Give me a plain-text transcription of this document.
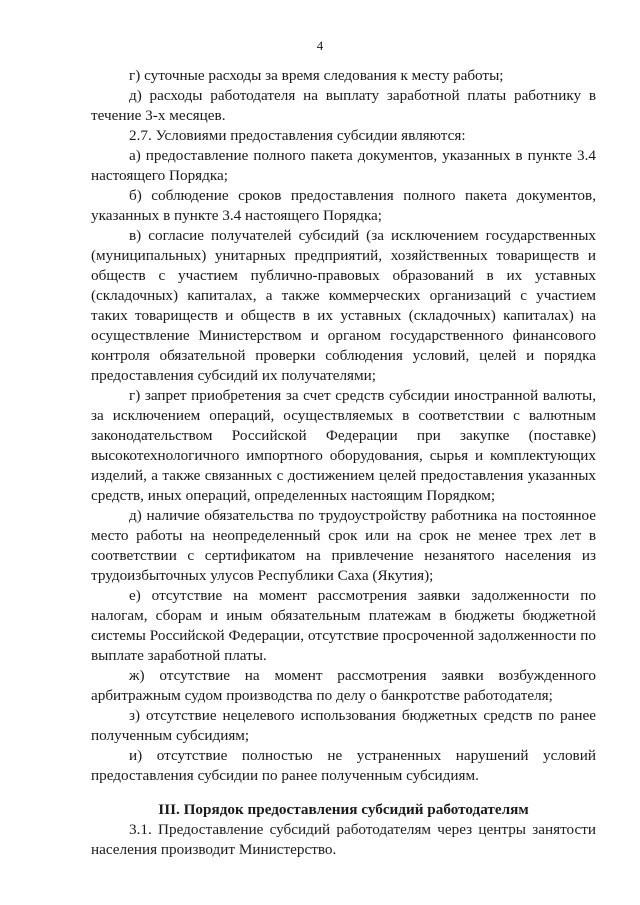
4

г) суточные расходы за время следования к месту работы;

д) расходы работодателя на выплату заработной платы работнику в течение 3-х месяцев.

2.7. Условиями предоставления субсидии являются:

а) предоставление полного пакета документов, указанных в пункте 3.4 настоящего Порядка;

б) соблюдение сроков предоставления полного пакета документов, указанных в пункте 3.4 настоящего Порядка;

в) согласие получателей субсидий (за исключением государственных (муниципальных) унитарных предприятий, хозяйственных товариществ и обществ с участием публично-правовых образований в их уставных (складочных) капиталах, а также коммерческих организаций с участием таких товариществ и обществ в их уставных (складочных) капиталах) на осуществление Министерством и органом государственного финансового контроля обязательной проверки соблюдения условий, целей и порядка предоставления субсидий их получателями;

г) запрет приобретения за счет средств субсидии иностранной валюты, за исключением операций, осуществляемых в соответствии с валютным законодательством Российской Федерации при закупке (поставке) высокотехнологичного импортного оборудования, сырья и комплектующих изделий, а также связанных с достижением целей предоставления указанных средств, иных операций, определенных настоящим Порядком;

д) наличие обязательства по трудоустройству работника на постоянное место работы на неопределенный срок или на срок не менее трех лет в соответствии с сертификатом на привлечение незанятого населения из трудоизбыточных улусов Республики Саха (Якутия);

е) отсутствие на момент рассмотрения заявки задолженности по налогам, сборам и иным обязательным платежам в бюджеты бюджетной системы Российской Федерации, отсутствие просроченной задолженности по выплате заработной платы.

ж) отсутствие на момент рассмотрения заявки возбужденного арбитражным судом производства по делу о банкротстве работодателя;

з) отсутствие нецелевого использования бюджетных средств по ранее полученным субсидиям;

и) отсутствие полностью не устраненных нарушений условий предоставления субсидии по ранее полученным субсидиям.

III. Порядок предоставления субсидий работодателям

3.1. Предоставление субсидий работодателям через центры занятости населения производит Министерство.
